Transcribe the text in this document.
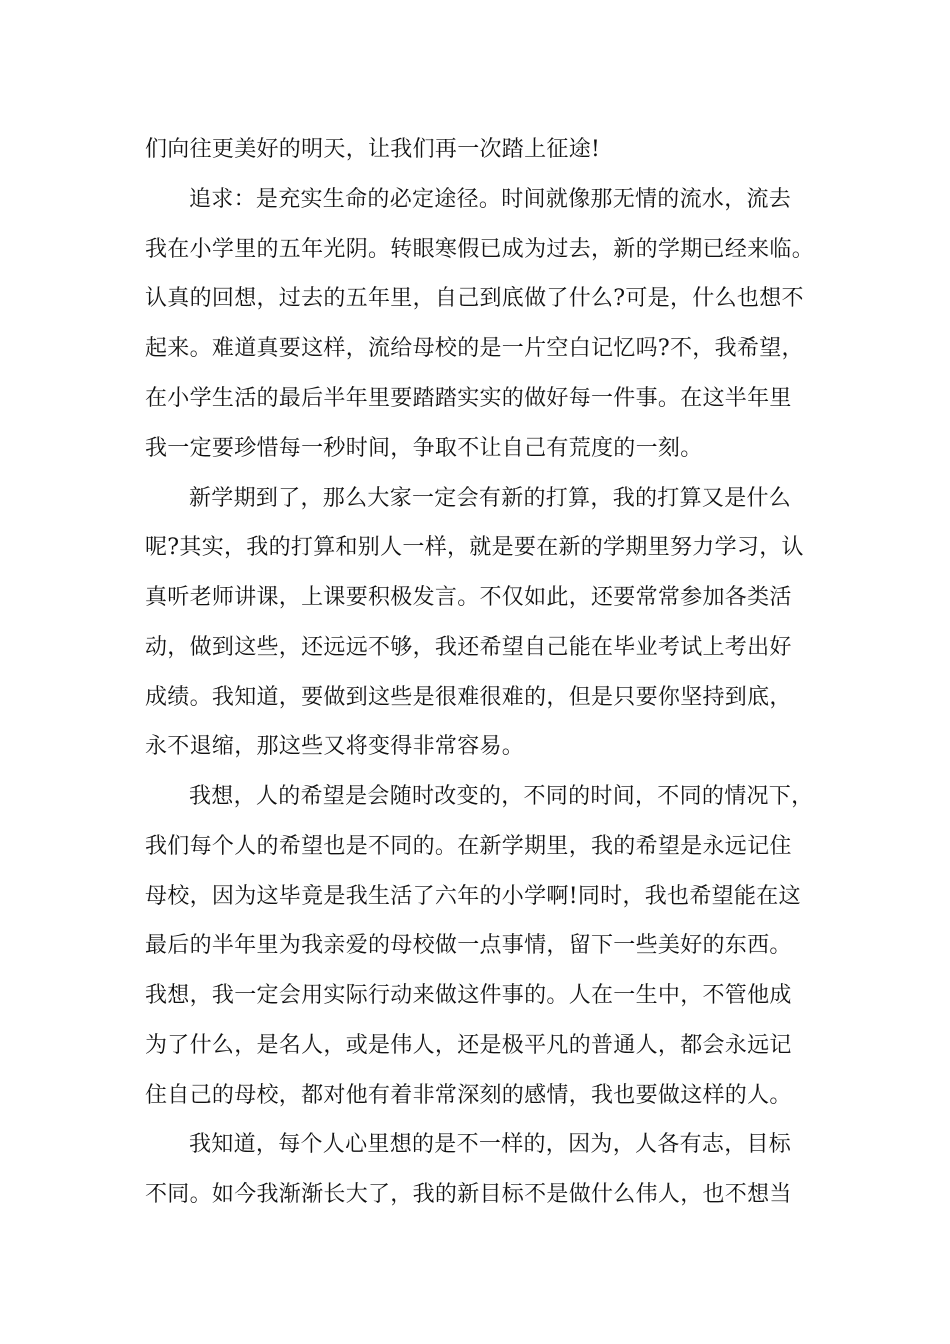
们向往更美好的明天，让我们再一次踏上征途!
追求：是充实生命的必定途径。时间就像那无情的流水，流去
我在小学里的五年光阴。转眼寒假已成为过去，新的学期已经来临。
认真的回想，过去的五年里，自己到底做了什么?可是，什么也想不
起来。难道真要这样，流给母校的是一片空白记忆吗?不，我希望，
在小学生活的最后半年里要踏踏实实的做好每一件事。在这半年里
我一定要珍惜每一秒时间，争取不让自己有荒度的一刻。
新学期到了，那么大家一定会有新的打算，我的打算又是什么
呢?其实，我的打算和别人一样，就是要在新的学期里努力学习，认
真听老师讲课，上课要积极发言。不仅如此，还要常常参加各类活
动，做到这些，还远远不够，我还希望自己能在毕业考试上考出好
成绩。我知道，要做到这些是很难很难的，但是只要你坚持到底，
永不退缩，那这些又将变得非常容易。
我想，人的希望是会随时改变的，不同的时间，不同的情况下，
我们每个人的希望也是不同的。在新学期里，我的希望是永远记住
母校，因为这毕竟是我生活了六年的小学啊!同时，我也希望能在这
最后的半年里为我亲爱的母校做一点事情，留下一些美好的东西。
我想，我一定会用实际行动来做这件事的。人在一生中，不管他成
为了什么，是名人，或是伟人，还是极平凡的普通人，都会永远记
住自己的母校，都对他有着非常深刻的感情，我也要做这样的人。
我知道，每个人心里想的是不一样的，因为，人各有志，目标
不同。如今我渐渐长大了，我的新目标不是做什么伟人，也不想当
